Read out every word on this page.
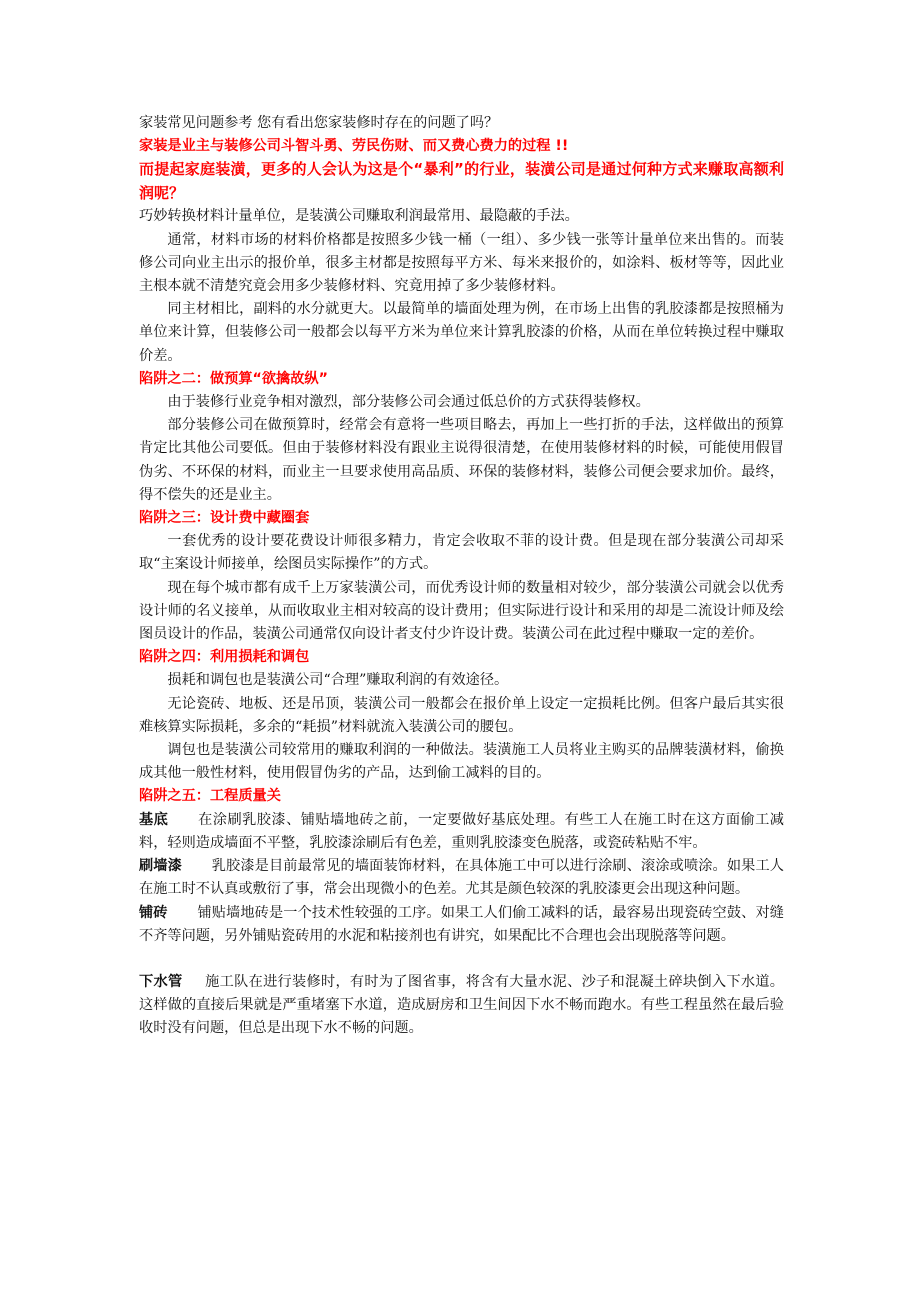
家装常见问题参考 您有看出您家装修时存在的问题了吗？

家装是业主与装修公司斗智斗勇、劳民伤财、而又费心费力的过程 !!

而提起家庭装潢，更多的人会认为这是个“暴利”的行业，装潢公司是通过何种方式来赚取高额利润呢？

巧妙转换材料计量单位，是装潢公司赚取利润最常用、最隐蔽的手法。

通常，材料市场的材料价格都是按照多少钱一桶（一组）、多少钱一张等计量单位来出售的。而装修公司向业主出示的报价单，很多主材都是按照每平方米、每米来报价的，如涂料、板材等等，因此业主根本就不清楚究竟会用多少装修材料、究竟用掉了多少装修材料。

同主材相比，副料的水分就更大。以最简单的墙面处理为例，在市场上出售的乳胶漆都是按照桶为单位来计算，但装修公司一般都会以每平方米为单位来计算乳胶漆的价格，从而在单位转换过程中赚取价差。

陷阱之二：做预算“欲擒故纵”

由于装修行业竞争相对激烈，部分装修公司会通过低总价的方式获得装修权。

部分装修公司在做预算时，经常会有意将一些项目略去，再加上一些打折的手法，这样做出的预算肯定比其他公司要低。但由于装修材料没有跟业主说得很清楚，在使用装修材料的时候，可能使用假冒伪劣、不环保的材料，而业主一旦要求使用高品质、环保的装修材料，装修公司便会要求加价。最终，得不偿失的还是业主。

陷阱之三：设计费中藏圈套

一套优秀的设计要花费设计师很多精力，肯定会收取不菲的设计费。但是现在部分装潢公司却采取“主案设计师接单，绘图员实际操作”的方式。

现在每个城市都有成千上万家装潢公司，而优秀设计师的数量相对较少，部分装潢公司就会以优秀设计师的名义接单，从而收取业主相对较高的设计费用；但实际进行设计和采用的却是二流设计师及绘图员设计的作品，装潢公司通常仅向设计者支付少许设计费。装潢公司在此过程中赚取一定的差价。

陷阱之四：利用损耗和调包

损耗和调包也是装潢公司“合理”赚取利润的有效途径。

无论瓷砖、地板、还是吊顶，装潢公司一般都会在报价单上设定一定损耗比例。但客户最后其实很难核算实际损耗，多余的“耗损”材料就流入装潢公司的腰包。

调包也是装潢公司较常用的赚取利润的一种做法。装潢施工人员将业主购买的品牌装潢材料，偷换成其他一般性材料，使用假冒伪劣的产品，达到偷工减料的目的。

陷阱之五：工程质量关

基底 在涂刷乳胶漆、铺贴墙地砖之前，一定要做好基底处理。有些工人在施工时在这方面偷工减料，轻则造成墙面不平整，乳胶漆涂刷后有色差，重则乳胶漆变色脱落，或瓷砖粘贴不牢。

刷墙漆 乳胶漆是目前最常见的墙面装饰材料，在具体施工中可以进行涂刷、滚涂或喷涂。如果工人在施工时不认真或敷衍了事，常会出现微小的色差。尤其是颜色较深的乳胶漆更会出现这种问题。

铺砖 铺贴墙地砖是一个技术性较强的工序。如果工人们偷工减料的话，最容易出现瓷砖空鼓、对缝不齐等问题，另外铺贴瓷砖用的水泥和粘接剂也有讲究，如果配比不合理也会出现脱落等问题。

下水管 施工队在进行装修时，有时为了图省事，将含有大量水泥、沙子和混凝土碎块倒入下水道。这样做的直接后果就是严重堵塞下水道，造成厨房和卫生间因下水不畅而跑水。有些工程虽然在最后验收时没有问题，但总是出现下水不畅的问题。
